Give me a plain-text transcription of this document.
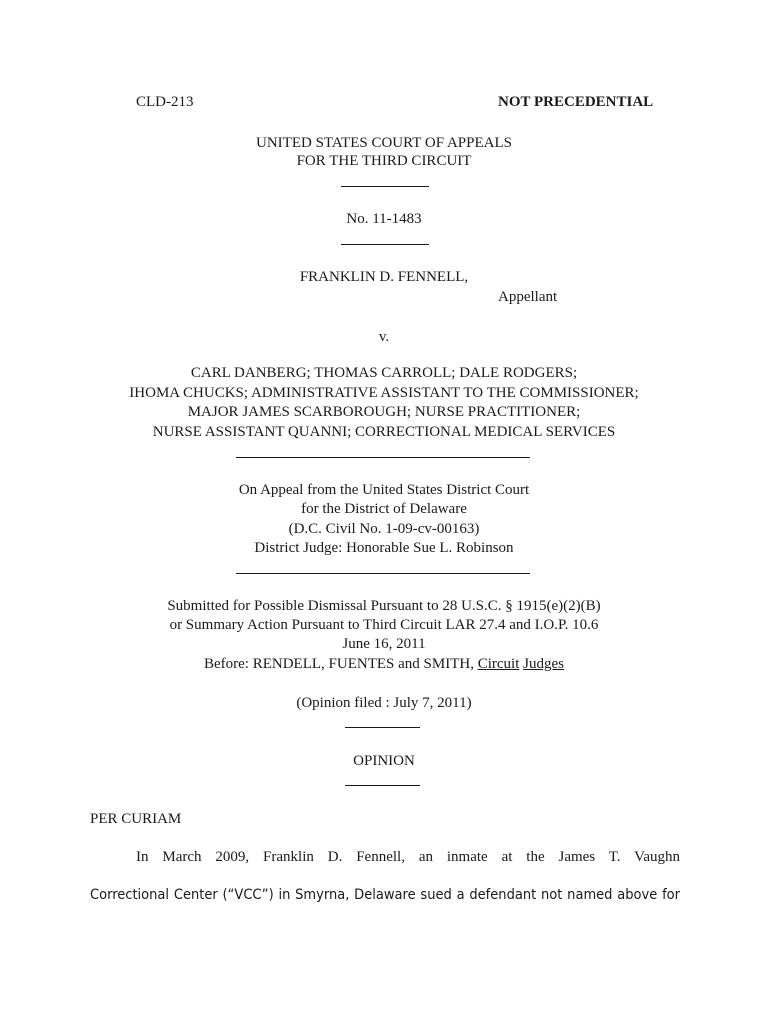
CLD-213	NOT PRECEDENTIAL
UNITED STATES COURT OF APPEALS
FOR THE THIRD CIRCUIT
No. 11-1483
FRANKLIN D. FENNELL,
Appellant
v.
CARL DANBERG; THOMAS CARROLL; DALE RODGERS;
IHOMA CHUCKS; ADMINISTRATIVE ASSISTANT TO THE COMMISSIONER;
MAJOR JAMES SCARBOROUGH; NURSE PRACTITIONER;
NURSE ASSISTANT QUANNI; CORRECTIONAL MEDICAL SERVICES
On Appeal from the United States District Court
for the District of Delaware
(D.C. Civil No. 1-09-cv-00163)
District Judge: Honorable Sue L. Robinson
Submitted for Possible Dismissal Pursuant to 28 U.S.C. § 1915(e)(2)(B)
or Summary Action Pursuant to Third Circuit LAR 27.4 and I.O.P. 10.6
June 16, 2011
Before: RENDELL, FUENTES and SMITH, Circuit Judges
(Opinion filed : July 7, 2011)
OPINION
PER CURIAM
In March 2009, Franklin D. Fennell, an inmate at the James T. Vaughn
Correctional Center (“VCC”) in Smyrna, Delaware sued a defendant not named above for
